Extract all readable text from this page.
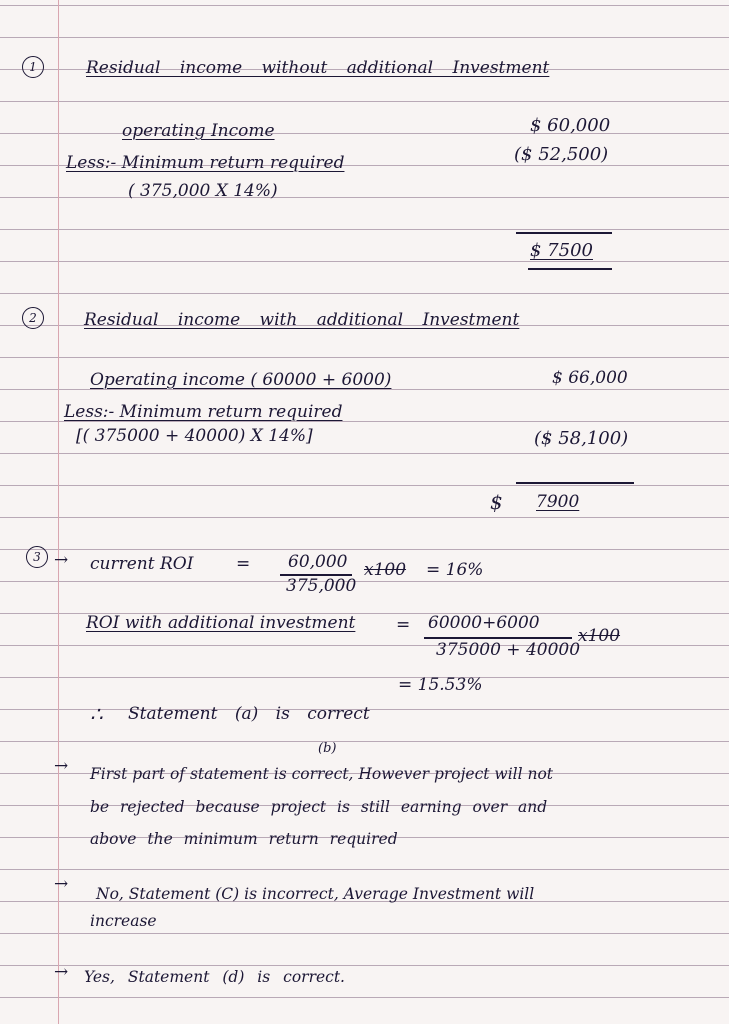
1	Residual income without additional Investment
operating Income	$ 60,000
Less:- Minimum return required	($ 52,500)
( 375,000 X 14%)
$ 7500
2	Residual income with additional Investment
Operating income ( 60000 + 6000)	$ 66,000
Less:- Minimum return required
[( 375000 + 40000) X 14%]	($ 58,100)
$ 7900
3 → current ROI	= 60,000
375,000
x100 = 16%
ROI with additional investment = 60000+6000
375000 + 40000
x100
= 15.53%
∴ Statement (a) is correct
(b)
→ First part of statement is correct, However project will not
be rejected because project is still earning over and
above the minimum return required
→ No, Statement (C) is incorrect, Average Investment will
increase
→ Yes, Statement (d) is correct.
